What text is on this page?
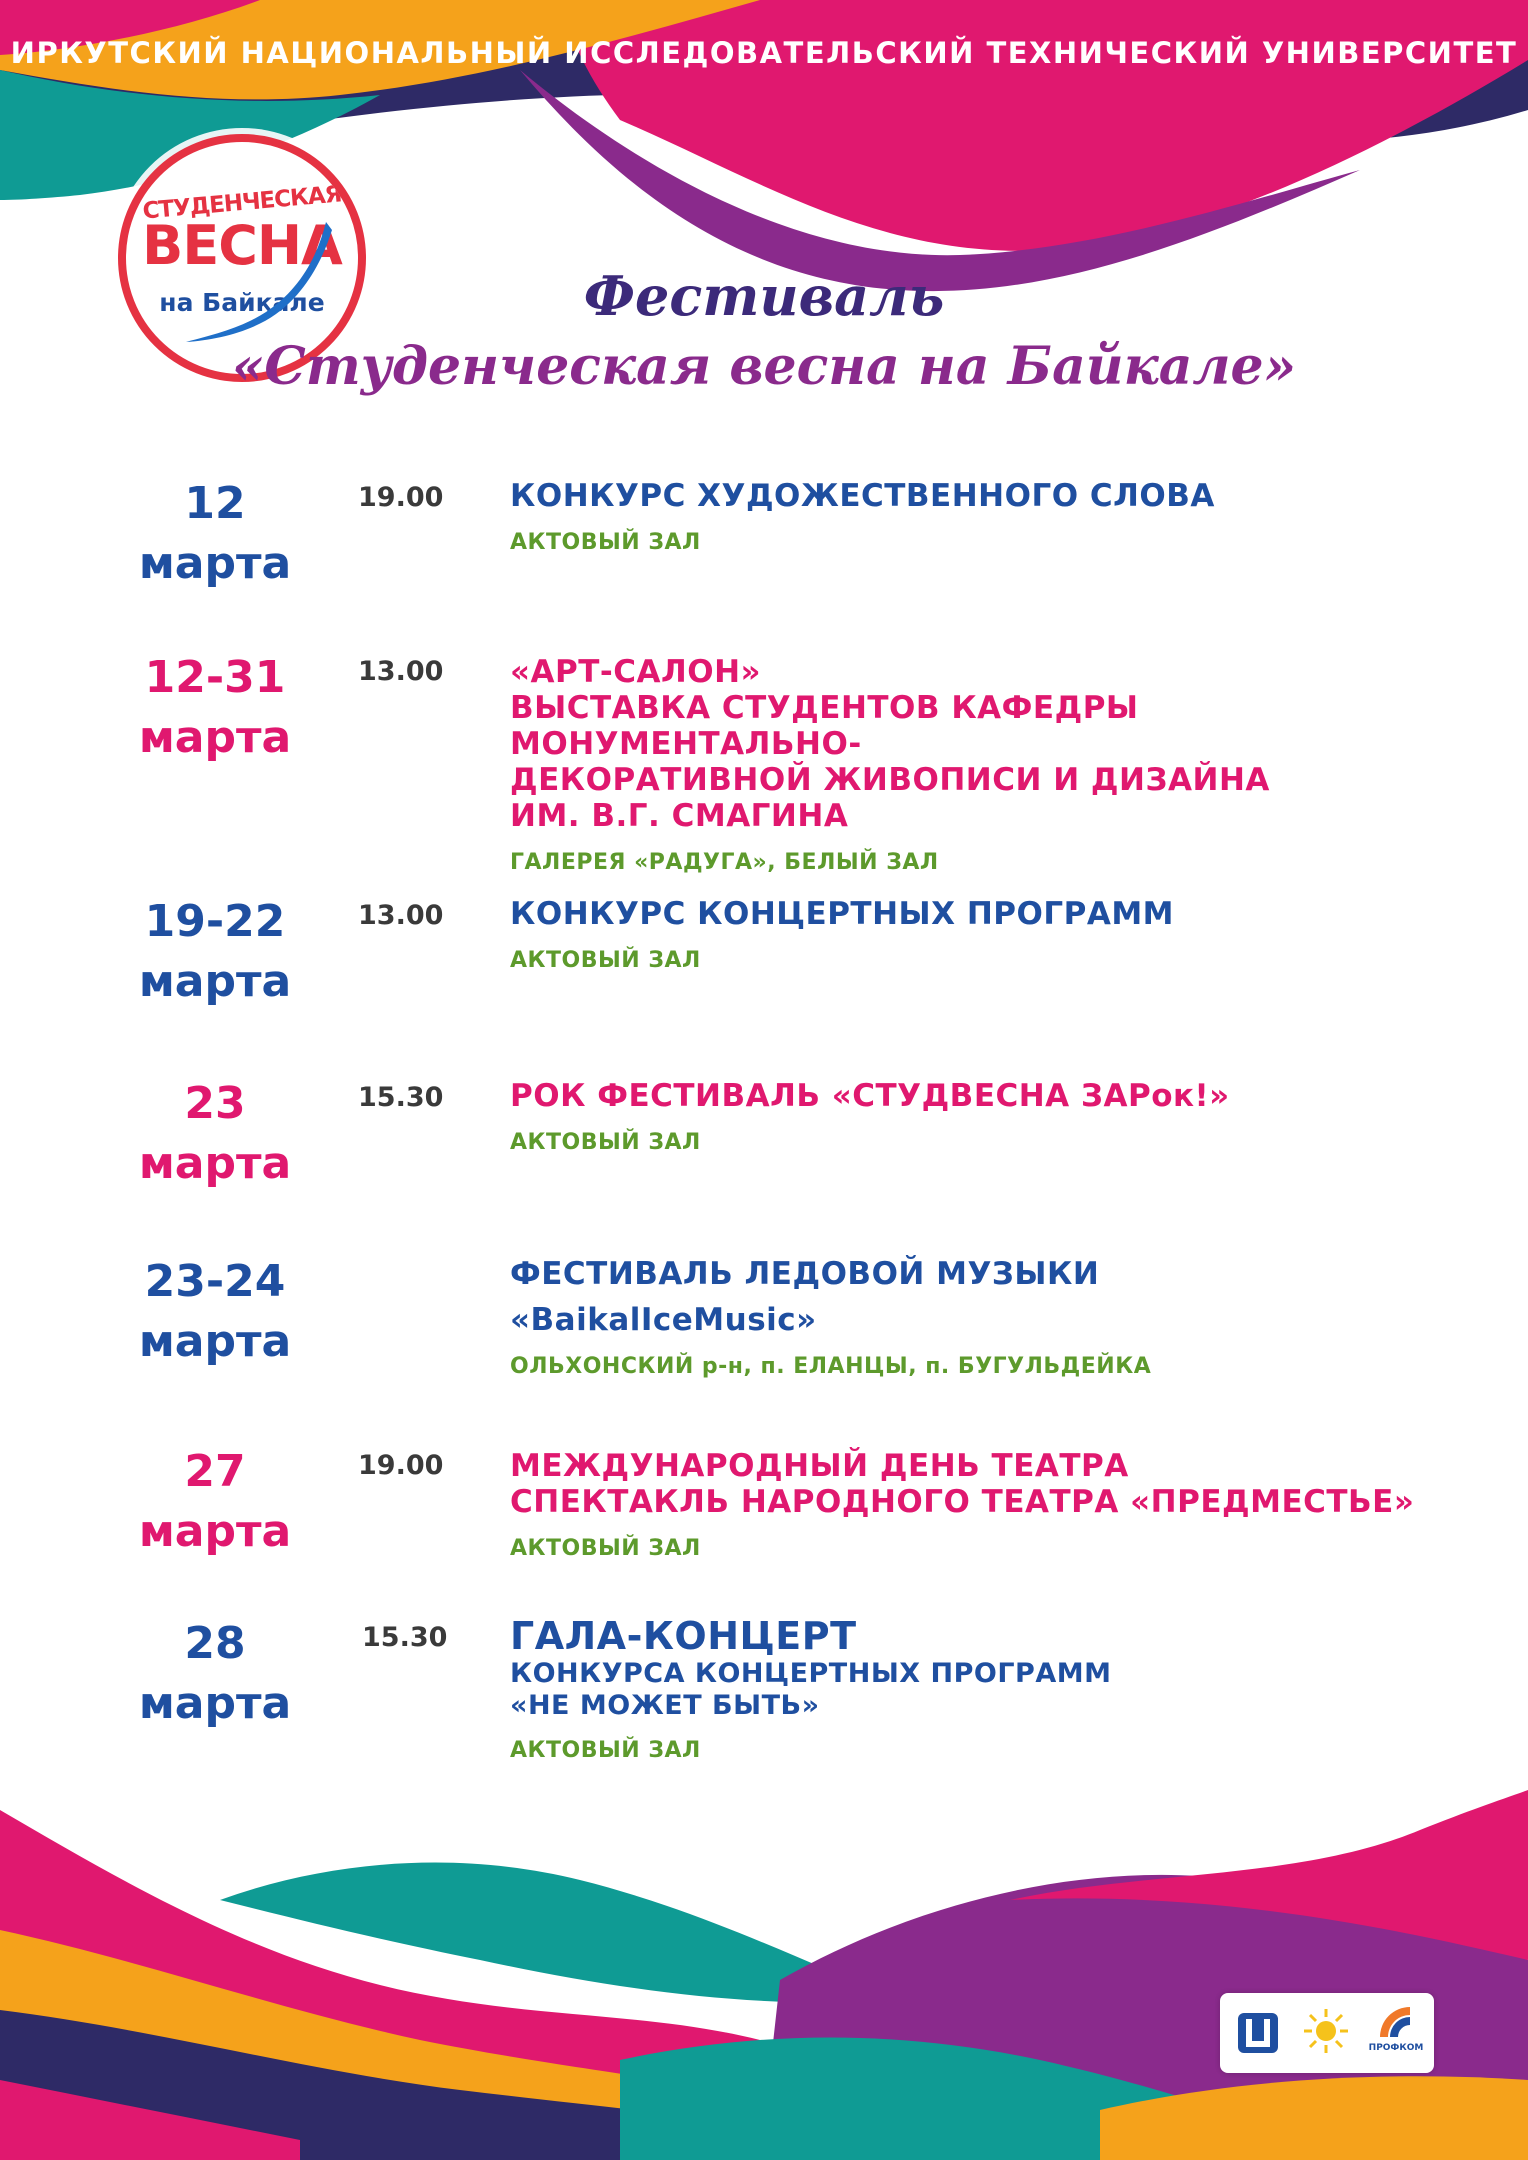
ИРКУТСКИЙ НАЦИОНАЛЬНЫЙ ИССЛЕДОВАТЕЛЬСКИЙ ТЕХНИЧЕСКИЙ УНИВЕРСИТЕТ
СТУДЕНЧЕСКАЯ
ВЕСНА
на Байкале	Фестиваль
«Студенческая весна на Байкале»
12
марта
19.00 КОНКУРС ХУДОЖЕСТВЕННОГО СЛОВА
АКТОВЫЙ ЗАЛ
12-31
марта
13.00 «АРТ-САЛОН»
ВЫСТАВКА СТУДЕНТОВ КАФЕДРЫ МОНУМЕНТАЛЬНО-
ДЕКОРАТИВНОЙ ЖИВОПИСИ И ДИЗАЙНА
ИМ. В.Г. СМАГИНА
ГАЛЕРЕЯ «РАДУГА», БЕЛЫЙ ЗАЛ
19-22
марта
13.00 КОНКУРС КОНЦЕРТНЫХ ПРОГРАММ
АКТОВЫЙ ЗАЛ
23
марта
15.30 РОК ФЕСТИВАЛЬ «СТУДВЕСНА ЗАРок!»
АКТОВЫЙ ЗАЛ
23-24
марта
ФЕСТИВАЛЬ ЛЕДОВОЙ МУЗЫКИ
«BaikalIceMusic»
ОЛЬХОНСКИЙ р-н, п. ЕЛАНЦЫ, п. БУГУЛЬДЕЙКА
27
марта
19.00 МЕЖДУНАРОДНЫЙ ДЕНЬ ТЕАТРА
СПЕКТАКЛЬ НАРОДНОГО ТЕАТРА «ПРЕДМЕСТЬЕ»
АКТОВЫЙ ЗАЛ
28
марта
15.30 ГАЛА-КОНЦЕРТ
КОНКУРСА КОНЦЕРТНЫХ ПРОГРАММ
«НЕ МОЖЕТ БЫТЬ»
АКТОВЫЙ ЗАЛ
ПРОФКОМ
